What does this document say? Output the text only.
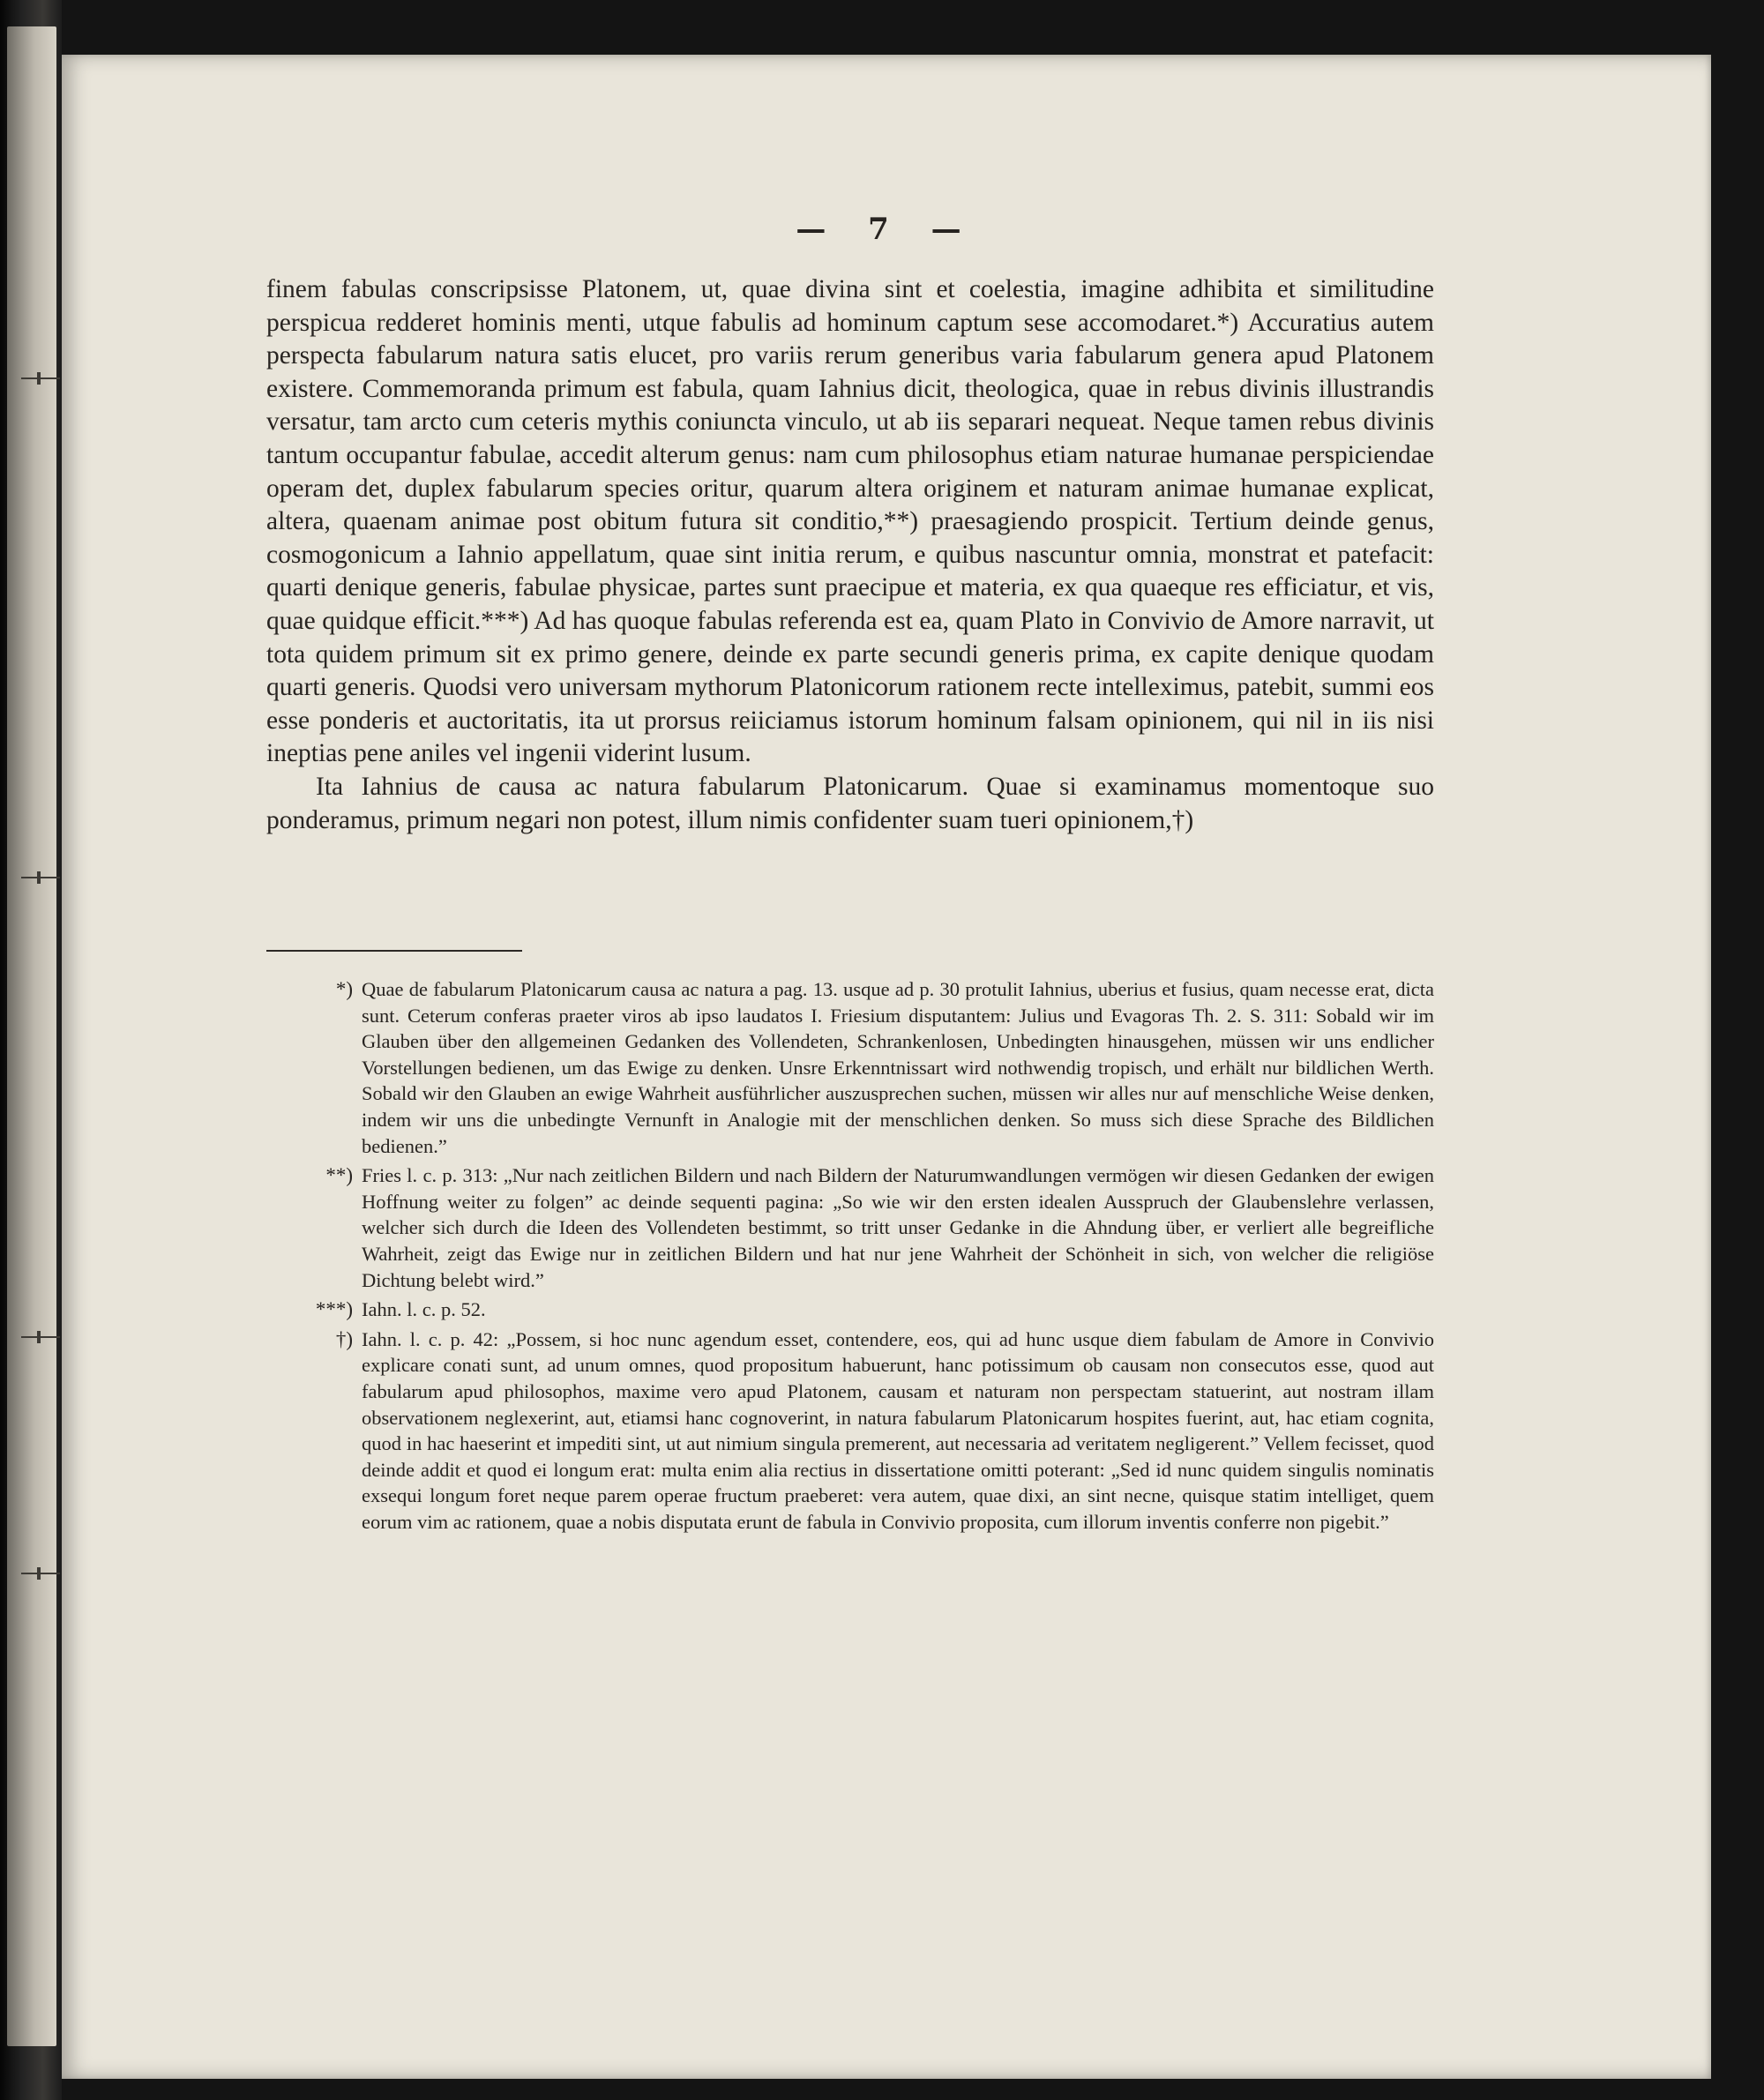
— 7 —

finem fabulas conscripsisse Platonem, ut, quae divina sint et coelestia, imagine adhibita et similitudine perspicua redderet hominis menti, utque fabulis ad hominum captum sese accomodaret.*) Accuratius autem perspecta fabularum natura satis elucet, pro variis rerum generibus varia fabularum genera apud Platonem existere. Commemoranda primum est fabula, quam Iahnius dicit, theologica, quae in rebus divinis illustrandis versatur, tam arcto cum ceteris mythis coniuncta vinculo, ut ab iis separari nequeat. Neque tamen rebus divinis tantum occupantur fabulae, accedit alterum genus: nam cum philosophus etiam naturae humanae perspiciendae operam det, duplex fabularum species oritur, quarum altera originem et naturam animae humanae explicat, altera, quaenam animae post obitum futura sit conditio,**) praesagiendo prospicit. Tertium deinde genus, cosmogonicum a Iahnio appellatum, quae sint initia rerum, e quibus nascuntur omnia, monstrat et patefacit: quarti denique generis, fabulae physicae, partes sunt praecipue et materia, ex qua quaeque res efficiatur, et vis, quae quidque efficit.***) Ad has quoque fabulas referenda est ea, quam Plato in Convivio de Amore narravit, ut tota quidem primum sit ex primo genere, deinde ex parte secundi generis prima, ex capite denique quodam quarti generis. Quodsi vero universam mythorum Platonicorum rationem recte intelleximus, patebit, summi eos esse ponderis et auctoritatis, ita ut prorsus reiiciamus istorum hominum falsam opinionem, qui nil in iis nisi ineptias pene aniles vel ingenii viderint lusum.

Ita Iahnius de causa ac natura fabularum Platonicarum. Quae si examinamus momentoque suo ponderamus, primum negari non potest, illum nimis confidenter suam tueri opinionem,†)

*) Quae de fabularum Platonicarum causa ac natura a pag. 13. usque ad p. 30 protulit Iahnius, uberius et fusius, quam necesse erat, dicta sunt. Ceterum conferas praeter viros ab ipso laudatos I. Friesium disputantem: Julius und Evagoras Th. 2. S. 311: Sobald wir im Glauben über den allgemeinen Gedanken des Vollendeten, Schrankenlosen, Unbedingten hinausgehen, müssen wir uns endlicher Vorstellungen bedienen, um das Ewige zu denken. Unsre Erkenntnissart wird nothwendig tropisch, und erhält nur bildlichen Werth. Sobald wir den Glauben an ewige Wahrheit ausführlicher auszusprechen suchen, müssen wir alles nur auf menschliche Weise denken, indem wir uns die unbedingte Vernunft in Analogie mit der menschlichen denken. So muss sich diese Sprache des Bildlichen bedienen.”
**) Fries l. c. p. 313: „Nur nach zeitlichen Bildern und nach Bildern der Naturumwandlungen vermögen wir diesen Gedanken der ewigen Hoffnung weiter zu folgen” ac deinde sequenti pagina: „So wie wir den ersten idealen Ausspruch der Glaubenslehre verlassen, welcher sich durch die Ideen des Vollendeten bestimmt, so tritt unser Gedanke in die Ahndung über, er verliert alle begreifliche Wahrheit, zeigt das Ewige nur in zeitlichen Bildern und hat nur jene Wahrheit der Schönheit in sich, von welcher die religiöse Dichtung belebt wird.”
***) Iahn. l. c. p. 52.
†) Iahn. l. c. p. 42: „Possem, si hoc nunc agendum esset, contendere, eos, qui ad hunc usque diem fabulam de Amore in Convivio explicare conati sunt, ad unum omnes, quod propositum habuerunt, hanc potissimum ob causam non consecutos esse, quod aut fabularum apud philosophos, maxime vero apud Platonem, causam et naturam non perspectam statuerint, aut nostram illam observationem neglexerint, aut, etiamsi hanc cognoverint, in natura fabularum Platonicarum hospites fuerint, aut, hac etiam cognita, quod in hac haeserint et impediti sint, ut aut nimium singula premerent, aut necessaria ad veritatem negligerent.” Vellem fecisset, quod deinde addit et quod ei longum erat: multa enim alia rectius in dissertatione omitti poterant: „Sed id nunc quidem singulis nominatis exsequi longum foret neque parem operae fructum praeberet: vera autem, quae dixi, an sint necne, quisque statim intelliget, quem eorum vim ac rationem, quae a nobis disputata erunt de fabula in Convivio proposita, cum illorum inventis conferre non pigebit.”
